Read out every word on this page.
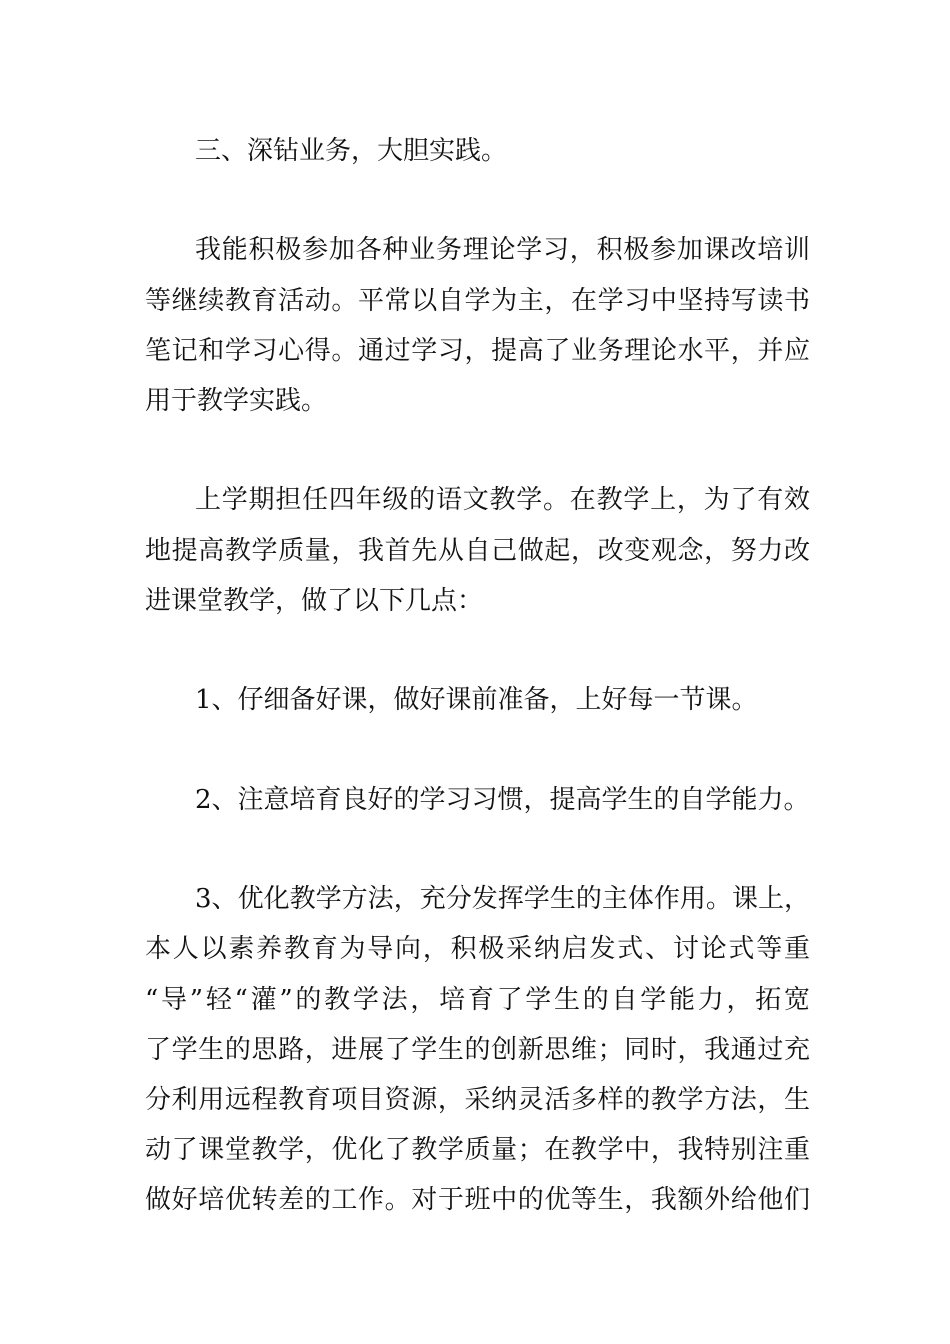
三、深钻业务，大胆实践。
我能积极参加各种业务理论学习，积极参加课改培训
等继续教育活动。平常以自学为主，在学习中坚持写读书
笔记和学习心得。通过学习，提高了业务理论水平，并应
用于教学实践。
上学期担任四年级的语文教学。在教学上，为了有效
地提高教学质量，我首先从自己做起，改变观念，努力改
进课堂教学，做了以下几点：
1、仔细备好课，做好课前准备，上好每一节课。
2、注意培育良好的学习习惯，提高学生的自学能力。
3、优化教学方法，充分发挥学生的主体作用。课上，
本人以素养教育为导向，积极采纳启发式、讨论式等重
“导”轻“灌”的教学法，培育了学生的自学能力，拓宽
了学生的思路，进展了学生的创新思维；同时，我通过充
分利用远程教育项目资源，采纳灵活多样的教学方法，生
动了课堂教学，优化了教学质量；在教学中，我特别注重
做好培优转差的工作。对于班中的优等生，我额外给他们
